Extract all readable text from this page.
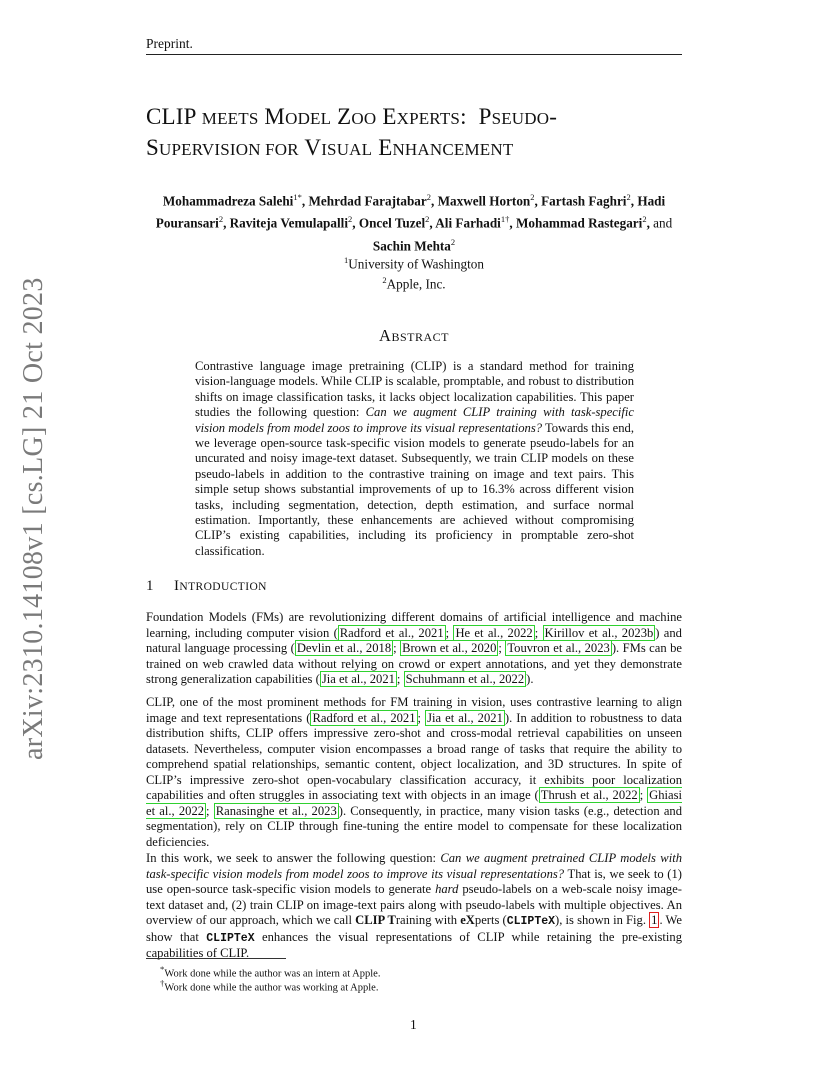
Preprint.
CLIP MEETS MODEL ZOO EXPERTS:  PSEUDO-
SUPERVISION FOR VISUAL ENHANCEMENT
Mohammadreza Salehi$^{1*}$, Mehrdad Farajtabar$^2$, Maxwell Horton$^2$, Fartash Faghri$^2$, Hadi Pouransari$^2$, Raviteja Vemulapalli$^2$, Oncel Tuzel$^2$, Ali Farhadi$^{1\dagger}$, Mohammad Rastegari$^2$, and
Sachin Mehta$^2$
$^1$University of Washington
$^2$Apple, Inc.
arXiv:2310.14108v1 [cs.LG] 21 Oct 2023	ABSTRACT
Contrastive language image pretraining (CLIP) is a standard method for training vision-language models. While CLIP is scalable, promptable, and robust to distribution shifts on image classification tasks, it lacks object localization capabilities. This paper studies the following question: Can we augment CLIP training with task-specific vision models from model zoos to improve its visual representations? Towards this end, we leverage open-source task-specific vision models to generate pseudo-labels for an uncurated and noisy image-text dataset. Subsequently, we train CLIP models on these pseudo-labels in addition to the contrastive training on image and text pairs. This simple setup shows substantial improvements of up to 16.3% across different vision tasks, including segmentation, detection, depth estimation, and surface normal estimation. Importantly, these enhancements are achieved without compromising CLIP’s existing capabilities, including its proficiency in promptable zero-shot classification.
1 INTRODUCTION
Foundation Models (FMs) are revolutionizing different domains of artificial intelligence and machine learning, including computer vision ( Radford et al., 2021 ; He et al., 2022 ; Kirillov et al., 2023b ) and natural language processing ( Devlin et al., 2018 ; Brown et al., 2020 ; Touvron et al., 2023 ). FMs can be trained on web crawled data without relying on crowd or expert annotations, and yet they demonstrate strong generalization capabilities ( Jia et al., 2021 ; Schuhmann et al., 2022 ).
CLIP, one of the most prominent methods for FM training in vision, uses contrastive learning to align image and text representations ( Radford et al., 2021 ; Jia et al., 2021 ). In addition to robustness to data distribution shifts, CLIP offers impressive zero-shot and cross-modal retrieval capabilities on unseen datasets. Nevertheless, computer vision encompasses a broad range of tasks that require the ability to comprehend spatial relationships, semantic content, object localization, and 3D structures. In spite of CLIP’s impressive zero-shot open-vocabulary classification accuracy, it exhibits poor localization capabilities and often struggles in associating text with objects in an image ( Thrush et al., 2022 ; Ghiasi et al., 2022 ; Ranasinghe et al., 2023 ). Consequently, in practice, many vision tasks (e.g., detection and segmentation), rely on CLIP through fine-tuning the entire model to compensate for these localization deficiencies.
In this work, we seek to answer the following question: Can we augment pretrained CLIP models with task-specific vision models from model zoos to improve its visual representations? That is, we seek to (1) use open-source task-specific vision models to generate hard pseudo-labels on a web-scale noisy image-text dataset and, (2) train CLIP on image-text pairs along with pseudo-labels with multiple objectives. An overview of our approach, which we call CLIP Training with eXperts (CLIPTeX), is shown in Fig. 1 . We show that CLIPTeX enhances the visual representations of CLIP while retaining the pre-existing capabilities of CLIP.
*Work done while the author was an intern at Apple.
†Work done while the author was working at Apple.
1
